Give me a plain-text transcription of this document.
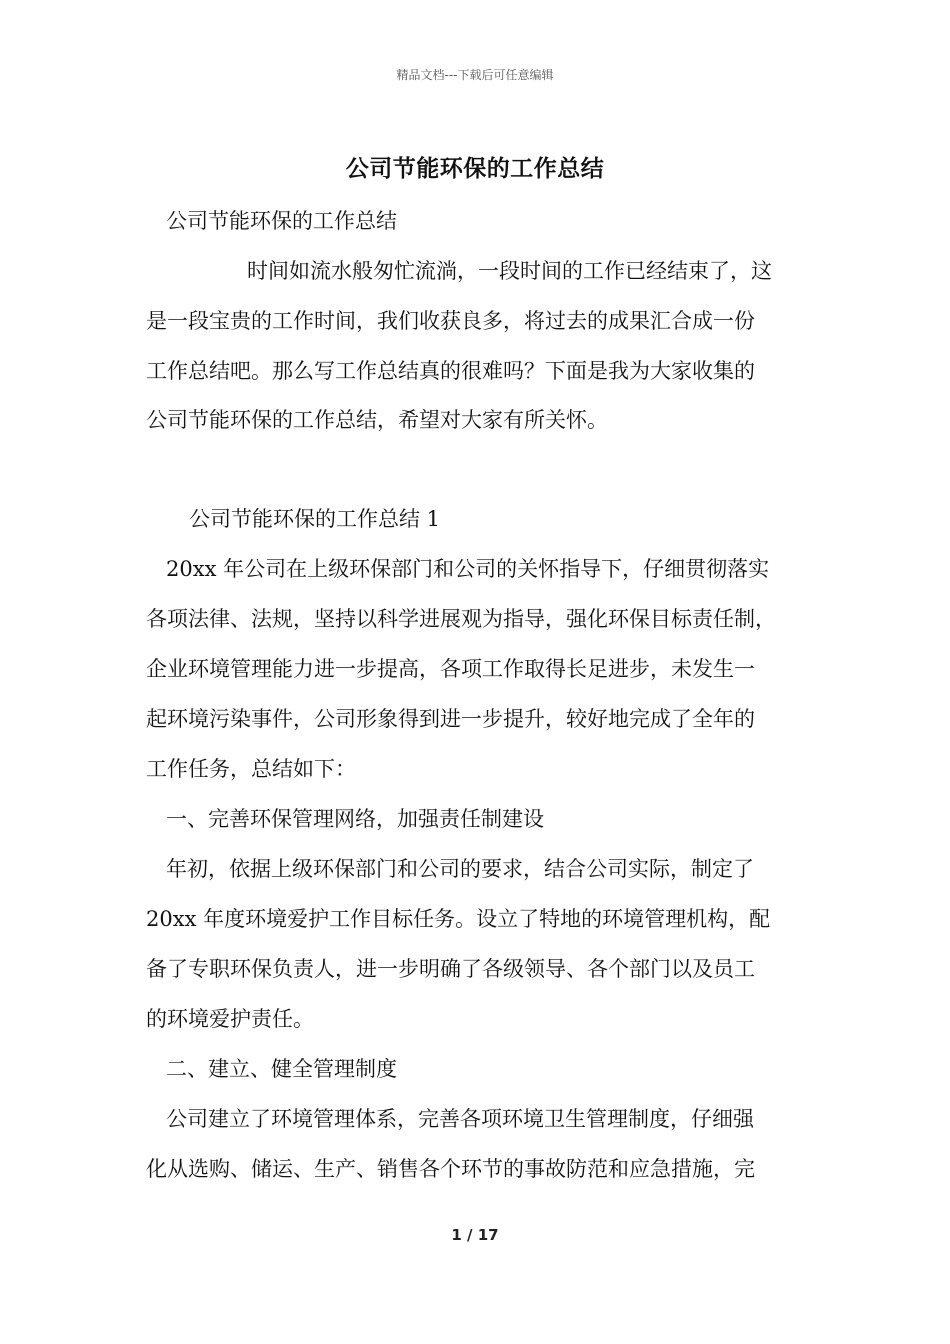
精品文档---下载后可任意编辑
公司节能环保的工作总结
公司节能环保的工作总结
时间如流水般匆忙流淌，一段时间的工作已经结束了，这
是一段宝贵的工作时间，我们收获良多，将过去的成果汇合成一份
工作总结吧。那么写工作总结真的很难吗？下面是我为大家收集的
公司节能环保的工作总结，希望对大家有所关怀。
公司节能环保的工作总结 1
20xx 年公司在上级环保部门和公司的关怀指导下，仔细贯彻落实
各项法律、法规，坚持以科学进展观为指导，强化环保目标责任制，
企业环境管理能力进一步提高，各项工作取得长足进步，未发生一
起环境污染事件，公司形象得到进一步提升，较好地完成了全年的
工作任务，总结如下：
一、完善环保管理网络，加强责任制建设
年初，依据上级环保部门和公司的要求，结合公司实际，制定了
20xx 年度环境爱护工作目标任务。设立了特地的环境管理机构，配
备了专职环保负责人，进一步明确了各级领导、各个部门以及员工
的环境爱护责任。
二、建立、健全管理制度
公司建立了环境管理体系，完善各项环境卫生管理制度，仔细强
化从选购、储运、生产、销售各个环节的事故防范和应急措施，完
1 / 17
